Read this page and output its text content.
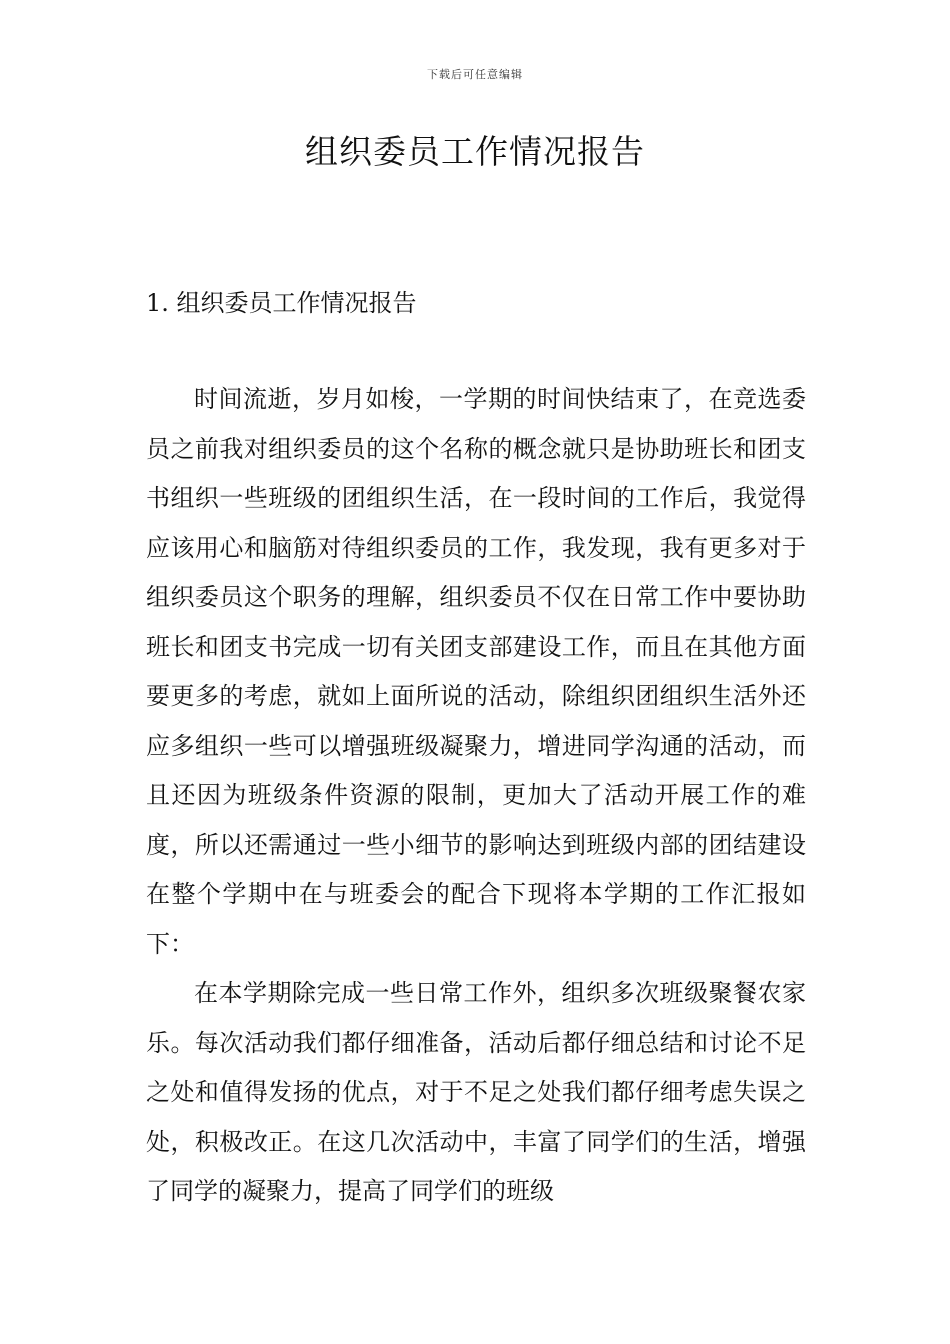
下载后可任意编辑
组织委员工作情况报告
1. 组织委员工作情况报告

时间流逝，岁月如梭，一学期的时间快结束了，在竞选委员之前我对组织委员的这个名称的概念就只是协助班长和团支书组织一些班级的团组织生活，在一段时间的工作后，我觉得应该用心和脑筋对待组织委员的工作，我发现，我有更多对于组织委员这个职务的理解，组织委员不仅在日常工作中要协助班长和团支书完成一切有关团支部建设工作，而且在其他方面要更多的考虑，就如上面所说的活动，除组织团组织生活外还应多组织一些可以增强班级凝聚力，增进同学沟通的活动，而且还因为班级条件资源的限制，更加大了活动开展工作的难度，所以还需通过一些小细节的影响达到班级内部的团结建设在整个学期中在与班委会的配合下现将本学期的工作汇报如下：

在本学期除完成一些日常工作外，组织多次班级聚餐农家乐。每次活动我们都仔细准备，活动后都仔细总结和讨论不足之处和值得发扬的优点，对于不足之处我们都仔细考虑失误之处，积极改正。在这几次活动中，丰富了同学们的生活，增强了同学的凝聚力，提高了同学们的班级
